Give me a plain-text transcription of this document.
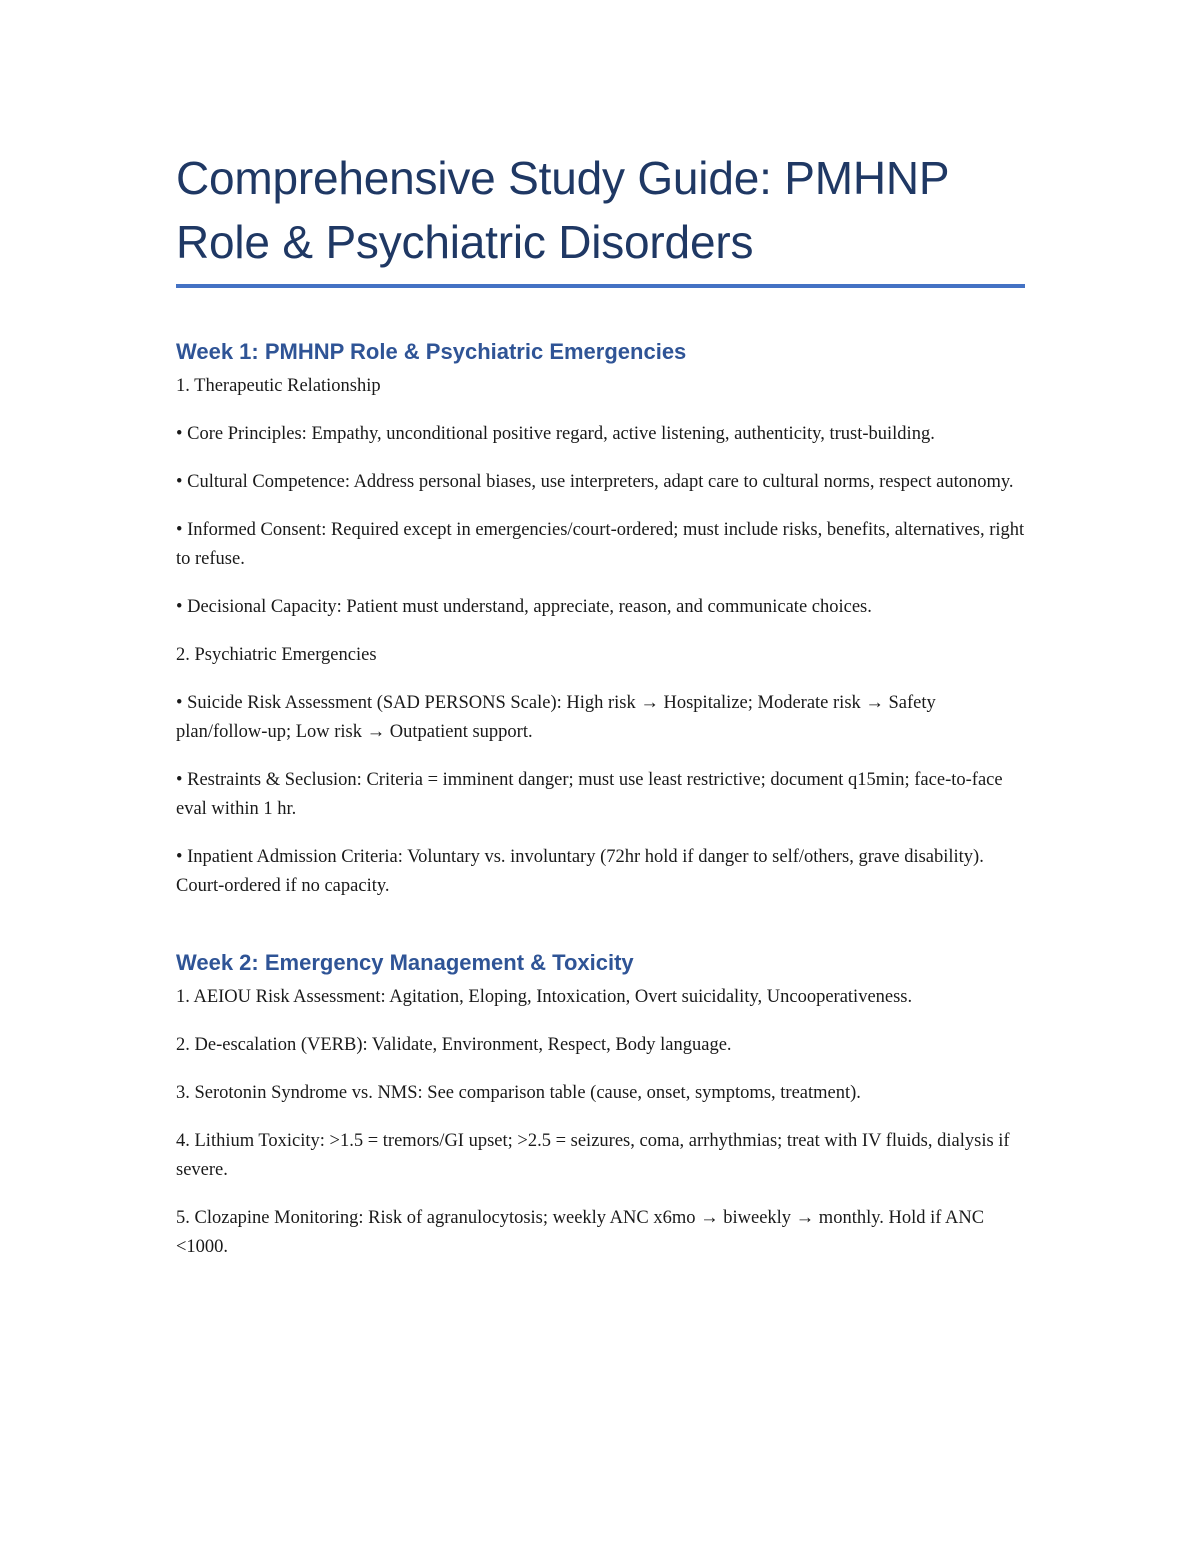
Comprehensive Study Guide: PMHNP
Role & Psychiatric Disorders
Week 1: PMHNP Role & Psychiatric Emergencies

1. Therapeutic Relationship

• Core Principles: Empathy, unconditional positive regard, active listening, authenticity, trust-building.

• Cultural Competence: Address personal biases, use interpreters, adapt care to cultural norms, respect autonomy.

• Informed Consent: Required except in emergencies/court-ordered; must include risks, benefits, alternatives, right to refuse.

• Decisional Capacity: Patient must understand, appreciate, reason, and communicate choices.

2. Psychiatric Emergencies

• Suicide Risk Assessment (SAD PERSONS Scale): High risk → Hospitalize; Moderate risk → Safety plan/follow-up; Low risk → Outpatient support.

• Restraints & Seclusion: Criteria = imminent danger; must use least restrictive; document q15min; face-to-face eval within 1 hr.

• Inpatient Admission Criteria: Voluntary vs. involuntary (72hr hold if danger to self/others, grave disability). Court-ordered if no capacity.

Week 2: Emergency Management & Toxicity

1. AEIOU Risk Assessment: Agitation, Eloping, Intoxication, Overt suicidality, Uncooperativeness.

2. De-escalation (VERB): Validate, Environment, Respect, Body language.

3. Serotonin Syndrome vs. NMS: See comparison table (cause, onset, symptoms, treatment).

4. Lithium Toxicity: >1.5 = tremors/GI upset; >2.5 = seizures, coma, arrhythmias; treat with IV fluids, dialysis if severe.

5. Clozapine Monitoring: Risk of agranulocytosis; weekly ANC x6mo → biweekly → monthly. Hold if ANC <1000.
